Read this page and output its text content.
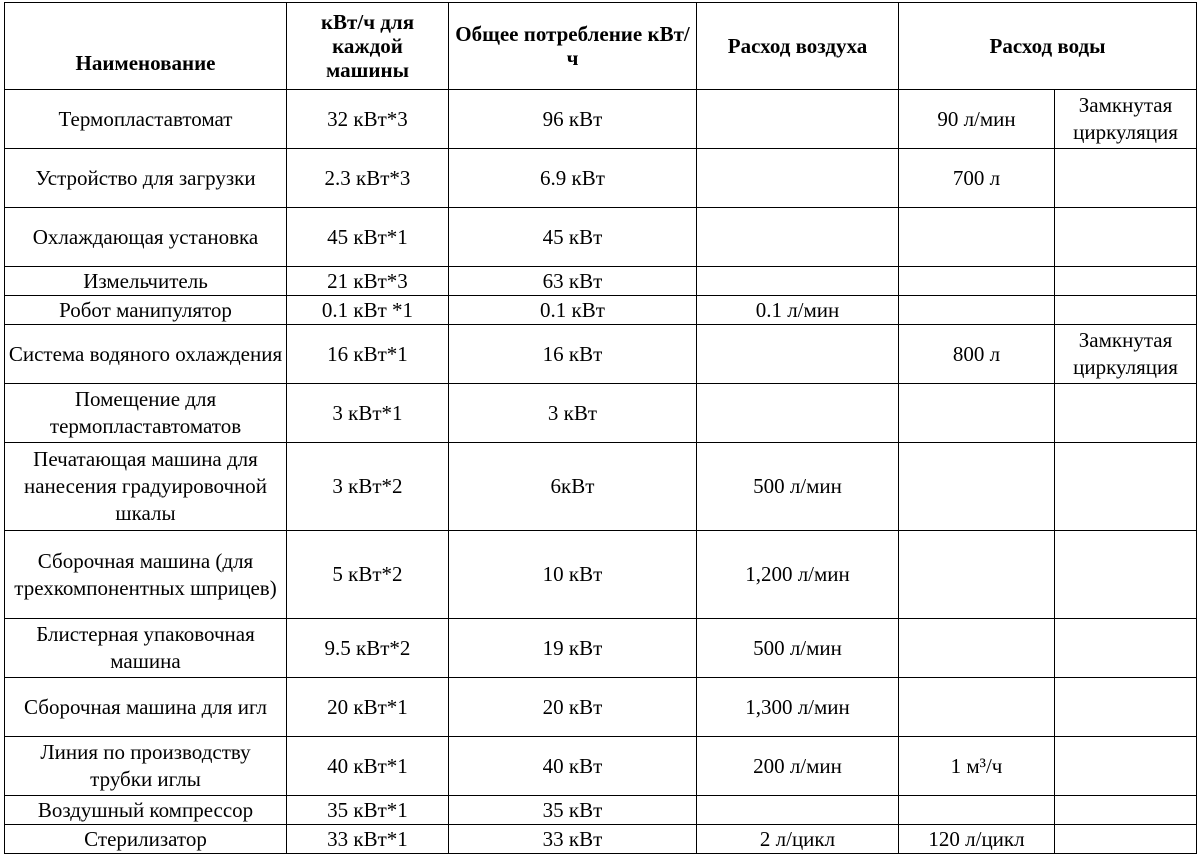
Наименование	кВт/ч для каждой машины	Общее потребление кВт/ч	Расход воздуха	Расход воды	
Термопластавтомат	32 кВт*3	96 кВт		90 л/мин	Замкнутая циркуляция
Устройство для загрузки	2.3 кВт*3	6.9 кВт		700 л	
Охлаждающая установка	45 кВт*1	45 кВт			
Измельчитель	21 кВт*3	63 кВт			
Робот манипулятор	0.1 кВт *1	0.1 кВт	0.1 л/мин		
Система водяного охлаждения	16 кВт*1	16 кВт		800 л	Замкнутая циркуляция
Помещение для термопластавтоматов	3 кВт*1	3 кВт			
Печатающая машина для нанесения градуировочной шкалы	3 кВт*2	6кВт	500 л/мин		
Сборочная машина (для трехкомпонентных шприцев)	5 кВт*2	10 кВт	1,200 л/мин		
Блистерная упаковочная машина	9.5 кВт*2	19 кВт	500 л/мин		
Сборочная машина для игл	20 кВт*1	20 кВт	1,300 л/мин		
Линия по производству трубки иглы	40 кВт*1	40 кВт	200 л/мин	1 м³/ч	
Воздушный компрессор	35 кВт*1	35 кВт			
Стерилизатор	33 кВт*1	33 кВт	2 л/цикл	120 л/цикл	
